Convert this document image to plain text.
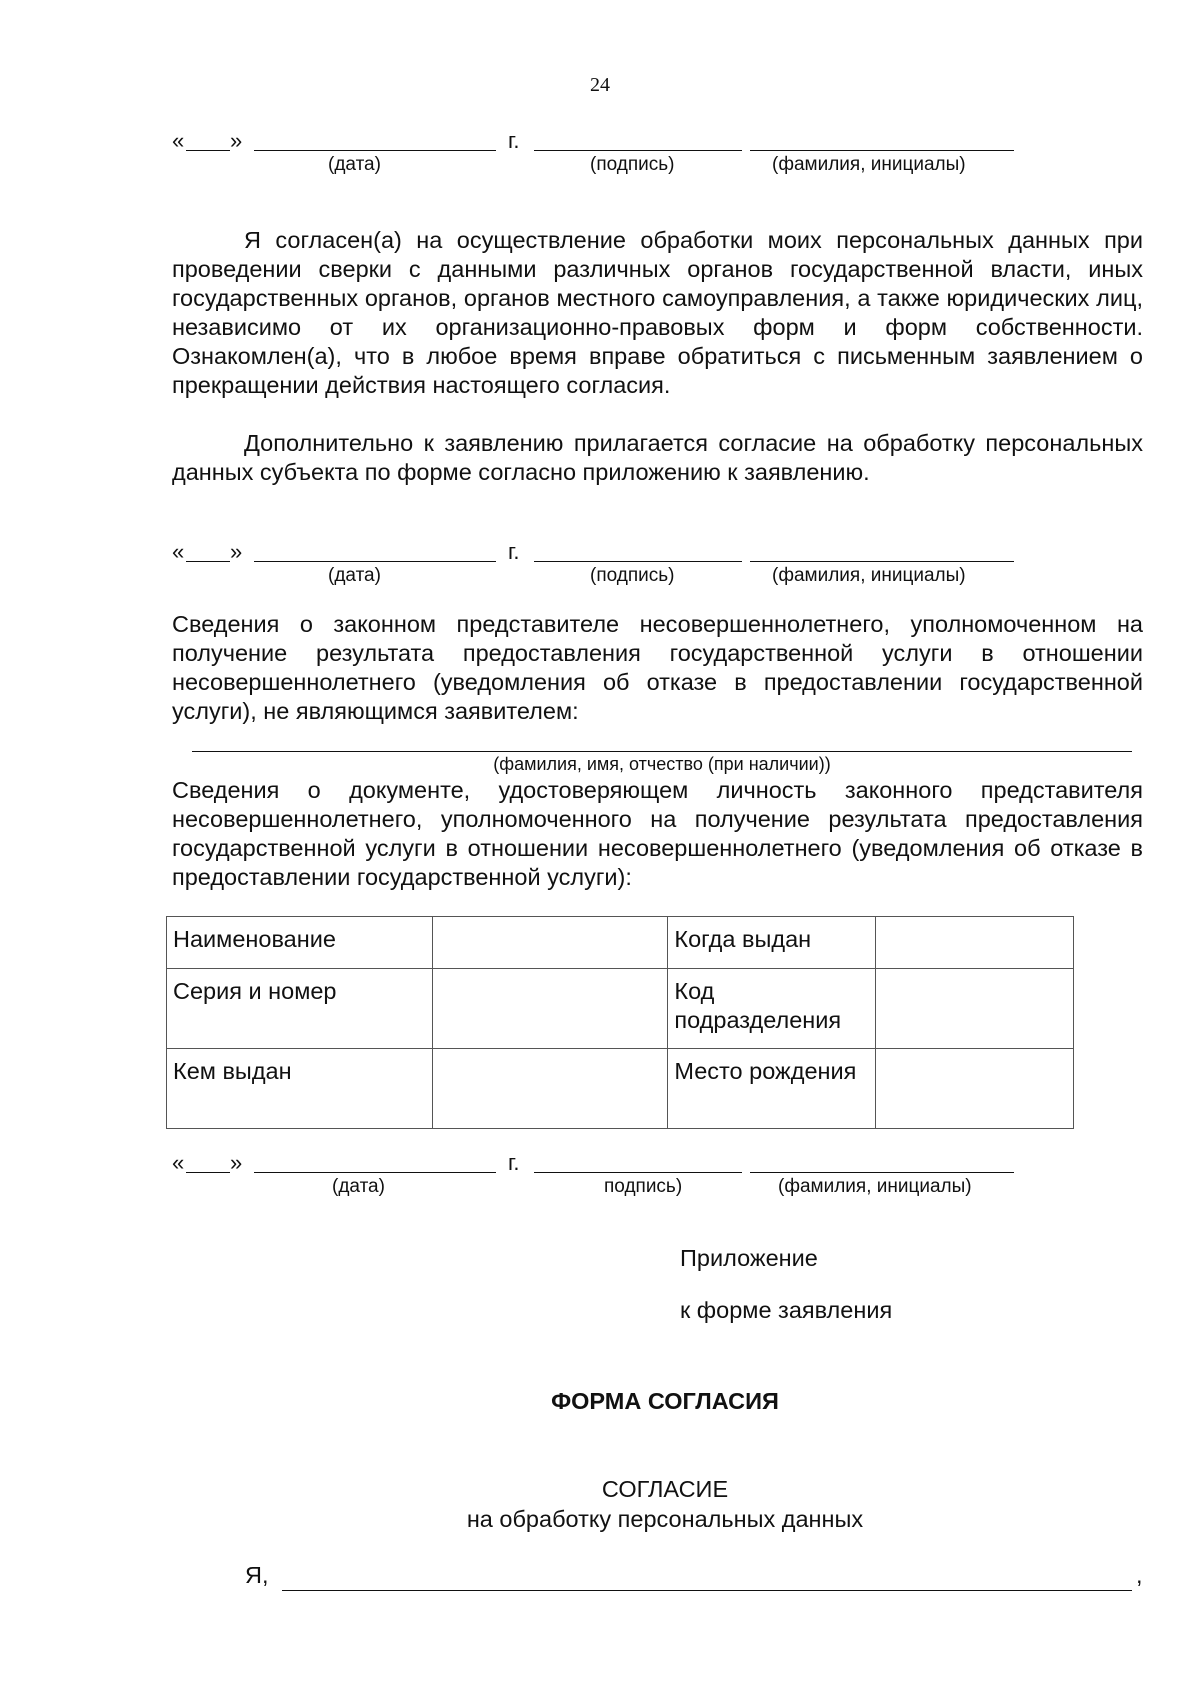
24
« »	г.
(дата)	(подпись)	(фамилия, инициалы)

Я согласен(а) на осуществление обработки моих персональных данных при проведении сверки с данными различных органов государственной власти, иных государственных органов, органов местного самоуправления, а также юридических лиц, независимо от их организационно-правовых форм и форм собственности. Ознакомлен(а), что в любое время вправе обратиться с письменным заявлением о прекращении действия настоящего согласия.

Дополнительно к заявлению прилагается согласие на обработку персональных данных субъекта по форме согласно приложению к заявлению.

« »	г.
(дата)	(подпись)	(фамилия, инициалы)

Сведения о законном представителе несовершеннолетнего, уполномоченном на получение результата предоставления государственной услуги в отношении несовершеннолетнего (уведомления об отказе в предоставлении государственной услуги), не являющимся заявителем:

(фамилия, имя, отчество (при наличии))

Сведения о документе, удостоверяющем личность законного представителя несовершеннолетнего, уполномоченного на получение результата предоставления государственной услуги в отношении несовершеннолетнего (уведомления об отказе в предоставлении государственной услуги):

Наименование		Когда выдан	
Серия и номер		Код подразделения	
Кем выдан		Место рождения	
« »	г.
(дата)	подпись)	(фамилия, инициалы)
Приложение
к форме заявления
ФОРМА СОГЛАСИЯ
СОГЛАСИЕ
на обработку персональных данных
Я,	,
